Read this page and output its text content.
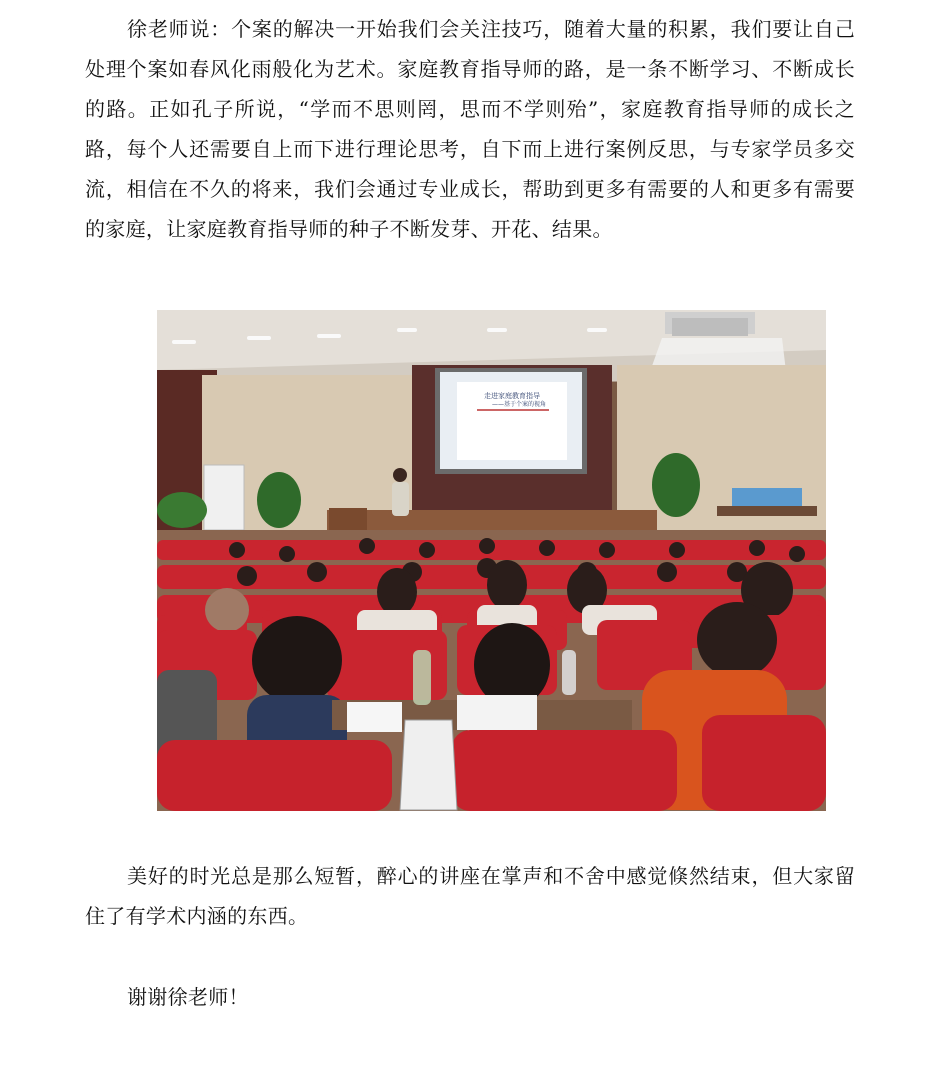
徐老师说：个案的解决一开始我们会关注技巧，随着大量的积累，我们要让自己处理个案如春风化雨般化为艺术。家庭教育指导师的路，是一条不断学习、不断成长的路。正如孔子所说，“学而不思则罔，思而不学则殆”，家庭教育指导师的成长之路，每个人还需要自上而下进行理论思考，自下而上进行案例反思，与专家学员多交流，相信在不久的将来，我们会通过专业成长，帮助到更多有需要的人和更多有需要的家庭，让家庭教育指导师的种子不断发芽、开花、结果。

走进家庭教育指导
——基于个案的视角

美好的时光总是那么短暂，醉心的讲座在掌声和不舍中感觉倏然结束，但大家留住了有学术内涵的东西。

谢谢徐老师！
